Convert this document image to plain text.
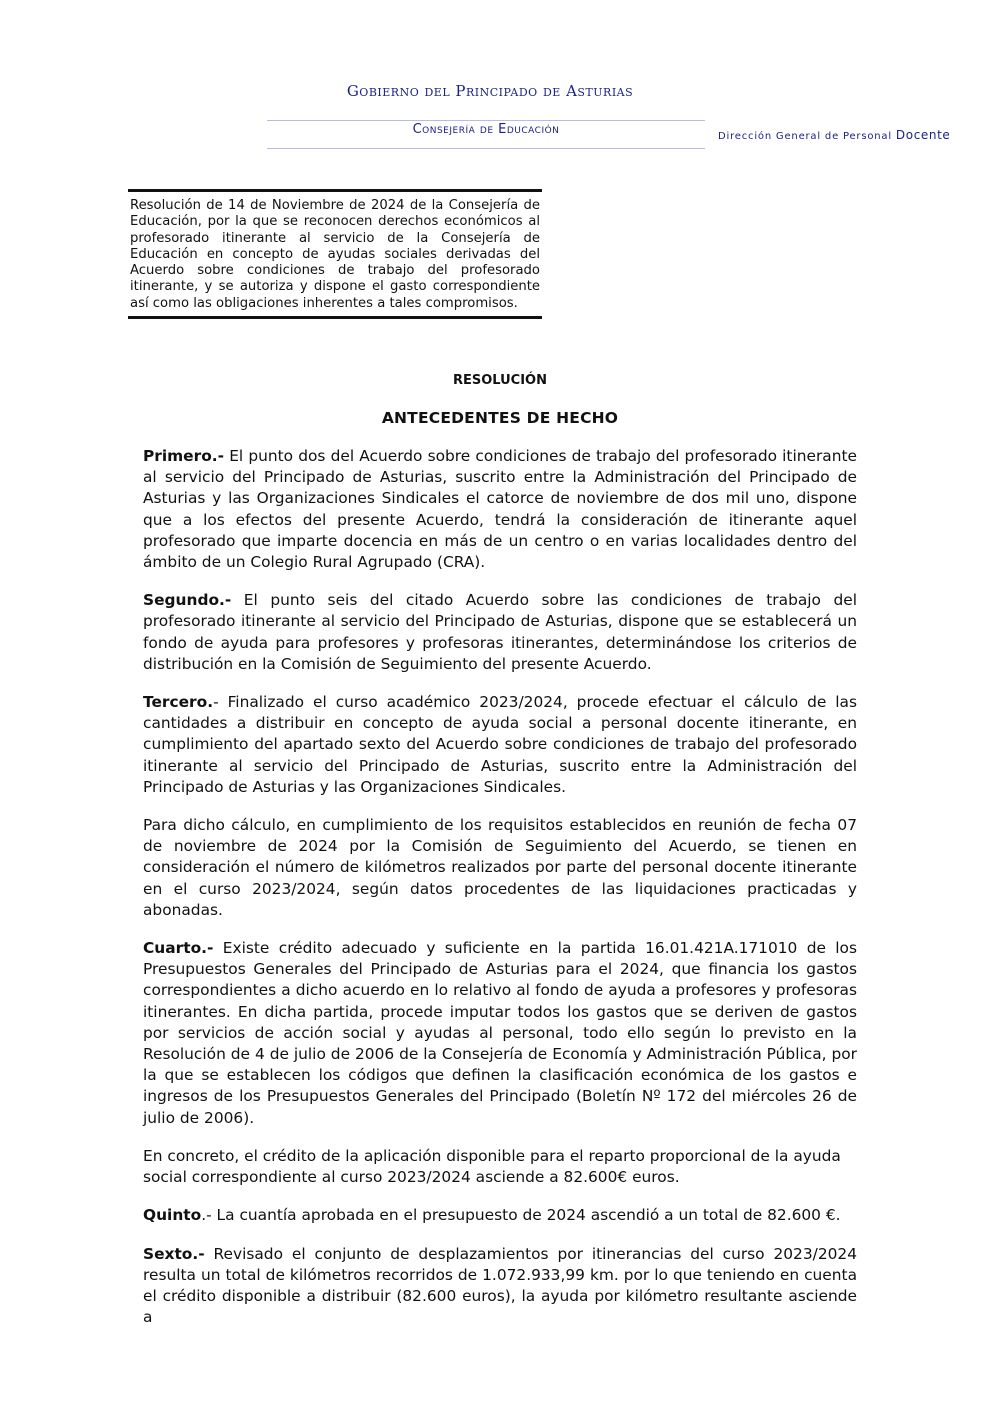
Gobierno del Principado de Asturias
Consejería de Educación	Dirección General de Personal Docente

Resolución de 14 de Noviembre de 2024 de la Consejería de Educación, por la que se reconocen derechos económicos al profesorado itinerante al servicio de la Consejería de Educación en concepto de ayudas sociales derivadas del Acuerdo sobre condiciones de trabajo del profesorado itinerante, y se autoriza y dispone el gasto correspondiente así como las obligaciones inherentes a tales compromisos.

RESOLUCIÓN
ANTECEDENTES DE HECHO

Primero.- El punto dos del Acuerdo sobre condiciones de trabajo del profesorado itinerante al servicio del Principado de Asturias, suscrito entre la Administración del Principado de Asturias y las Organizaciones Sindicales el catorce de noviembre de dos mil uno, dispone que a los efectos del presente Acuerdo, tendrá la consideración de itinerante aquel profesorado que imparte docencia en más de un centro o en varias localidades dentro del ámbito de un Colegio Rural Agrupado (CRA).

Segundo.- El punto seis del citado Acuerdo sobre las condiciones de trabajo del profesorado itinerante al servicio del Principado de Asturias, dispone que se establecerá un fondo de ayuda para profesores y profesoras itinerantes, determinándose los criterios de distribución en la Comisión de Seguimiento del presente Acuerdo.

Tercero.- Finalizado el curso académico 2023/2024, procede efectuar el cálculo de las cantidades a distribuir en concepto de ayuda social a personal docente itinerante, en cumplimiento del apartado sexto del Acuerdo sobre condiciones de trabajo del profesorado itinerante al servicio del Principado de Asturias, suscrito entre la Administración del Principado de Asturias y las Organizaciones Sindicales.

Para dicho cálculo, en cumplimiento de los requisitos establecidos en reunión de fecha 07 de noviembre de 2024 por la Comisión de Seguimiento del Acuerdo, se tienen en consideración el número de kilómetros realizados por parte del personal docente itinerante en el curso 2023/2024, según datos procedentes de las liquidaciones practicadas y abonadas.

Cuarto.- Existe crédito adecuado y suficiente en la partida 16.01.421A.171010 de los Presupuestos Generales del Principado de Asturias para el 2024, que financia los gastos correspondientes a dicho acuerdo en lo relativo al fondo de ayuda a profesores y profesoras itinerantes. En dicha partida, procede imputar todos los gastos que se deriven de gastos por servicios de acción social y ayudas al personal, todo ello según lo previsto en la Resolución de 4 de julio de 2006 de la Consejería de Economía y Administración Pública, por la que se establecen los códigos que definen la clasificación económica de los gastos e ingresos de los Presupuestos Generales del Principado (Boletín Nº 172 del miércoles 26 de julio de 2006).

En concreto, el crédito de la aplicación disponible para el reparto proporcional de la ayuda social correspondiente al curso 2023/2024 asciende a 82.600€ euros.

Quinto.- La cuantía aprobada en el presupuesto de 2024 ascendió a un total de 82.600 €.

Sexto.- Revisado el conjunto de desplazamientos por itinerancias del curso 2023/2024 resulta un total de kilómetros recorridos de 1.072.933,99 km. por lo que teniendo en cuenta el crédito disponible a distribuir (82.600 euros), la ayuda por kilómetro resultante asciende a
